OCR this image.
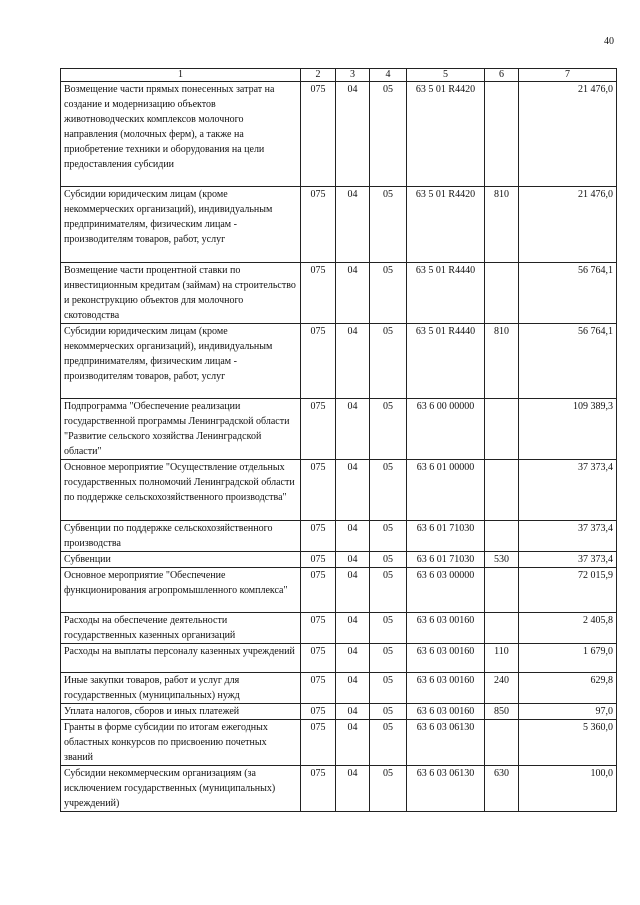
40
1	2	3	4	5	6	7
Возмещение части прямых понесенных затрат на создание и модернизацию объектов животноводческих комплексов молочного направления (молочных ферм), а также на приобретение техники и оборудования на цели предоставления субсидии	075	04	05	63 5 01 R4420		21 476,0
Субсидии юридическим лицам (кроме некоммерческих организаций), индивидуальным предпринимателям, физическим лицам - производителям товаров, работ, услуг	075	04	05	63 5 01 R4420	810	21 476,0
Возмещение части процентной ставки по инвестиционным кредитам (займам) на строительство и реконструкцию объектов для молочного скотоводства	075	04	05	63 5 01 R4440		56 764,1
Субсидии юридическим лицам (кроме некоммерческих организаций), индивидуальным предпринимателям, физическим лицам - производителям товаров, работ, услуг	075	04	05	63 5 01 R4440	810	56 764,1
Подпрограмма "Обеспечение реализации государственной программы Ленинградской области "Развитие сельского хозяйства Ленинградской области"	075	04	05	63 6 00 00000		109 389,3
Основное мероприятие "Осуществление отдельных государственных полномочий Ленинградской области по поддержке сельскохозяйственного производства"	075	04	05	63 6 01 00000		37 373,4
Субвенции по поддержке сельскохозяйственного производства	075	04	05	63 6 01 71030		37 373,4
Субвенции	075	04	05	63 6 01 71030	530	37 373,4
Основное мероприятие "Обеспечение функционирования агропромышленного комплекса"	075	04	05	63 6 03 00000		72 015,9
Расходы на обеспечение деятельности государственных казенных организаций	075	04	05	63 6 03 00160		2 405,8
Расходы на выплаты персоналу казенных учреждений	075	04	05	63 6 03 00160	110	1 679,0
Иные закупки товаров, работ и услуг для государственных (муниципальных) нужд	075	04	05	63 6 03 00160	240	629,8
Уплата налогов, сборов и иных платежей	075	04	05	63 6 03 00160	850	97,0
Гранты в форме субсидии по итогам ежегодных областных конкурсов по присвоению почетных званий	075	04	05	63 6 03 06130		5 360,0
Субсидии некоммерческим организациям (за исключением государственных (муниципальных) учреждений)	075	04	05	63 6 03 06130	630	100,0
